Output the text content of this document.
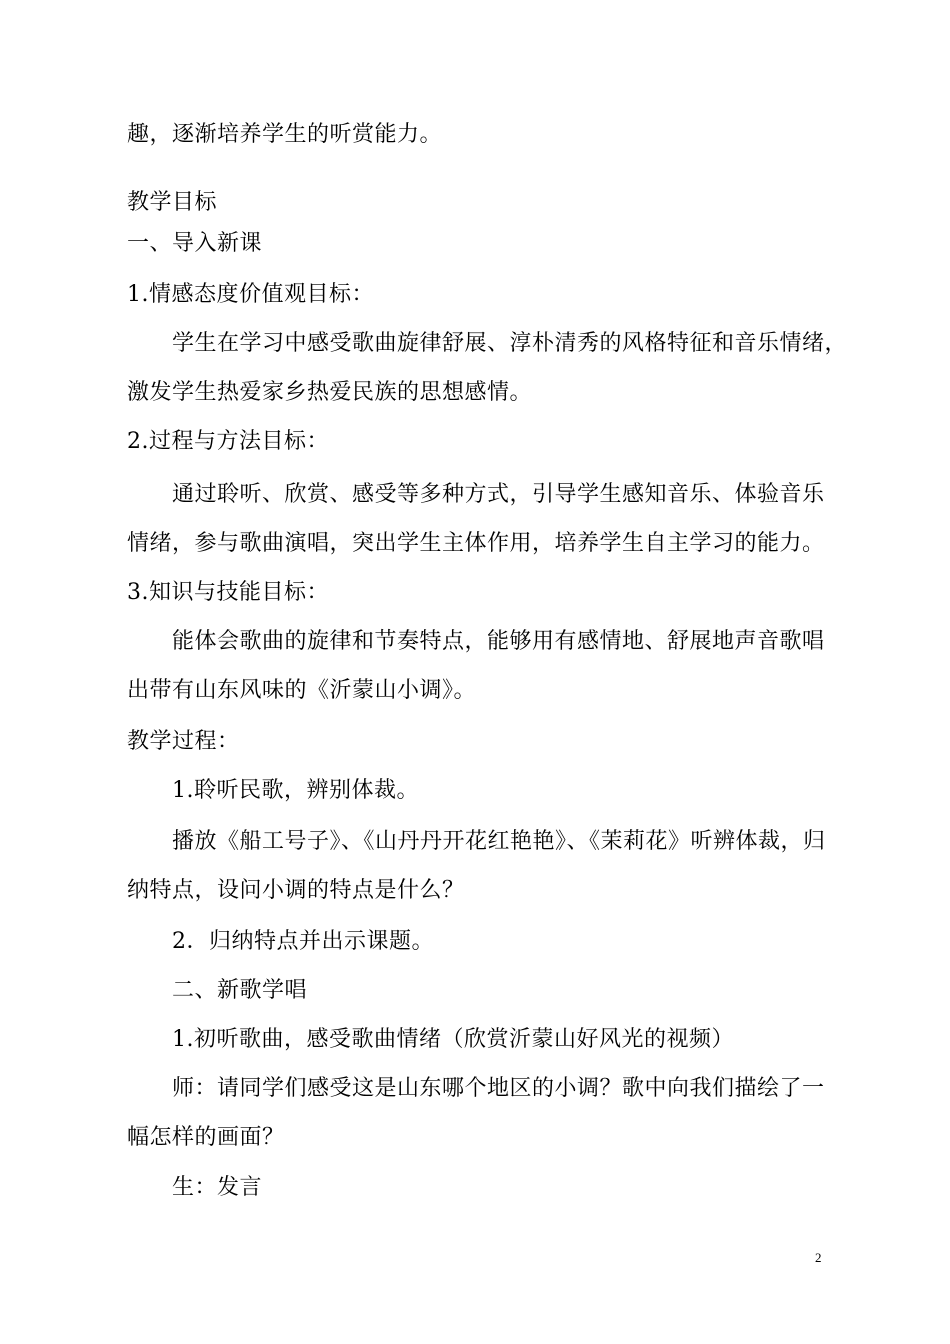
趣，逐渐培养学生的听赏能力。
教学目标
一、导入新课
1.情感态度价值观目标：
学生在学习中感受歌曲旋律舒展、淳朴清秀的风格特征和音乐情绪，
激发学生热爱家乡热爱民族的思想感情。
2.过程与方法目标：
通过聆听、欣赏、感受等多种方式，引导学生感知音乐、体验音乐
情绪，参与歌曲演唱，突出学生主体作用，培养学生自主学习的能力。
3.知识与技能目标：
能体会歌曲的旋律和节奏特点，能够用有感情地、舒展地声音歌唱
出带有山东风味的《沂蒙山小调》。
教学过程：
1.聆听民歌，辨别体裁。
播放《船工号子》、《山丹丹开花红艳艳》、《茉莉花》听辨体裁，归
纳特点，设问小调的特点是什么？
2．归纳特点并出示课题。
二、新歌学唱
1.初听歌曲，感受歌曲情绪（欣赏沂蒙山好风光的视频）
师：请同学们感受这是山东哪个地区的小调？歌中向我们描绘了一
幅怎样的画面？
生：发言
2
